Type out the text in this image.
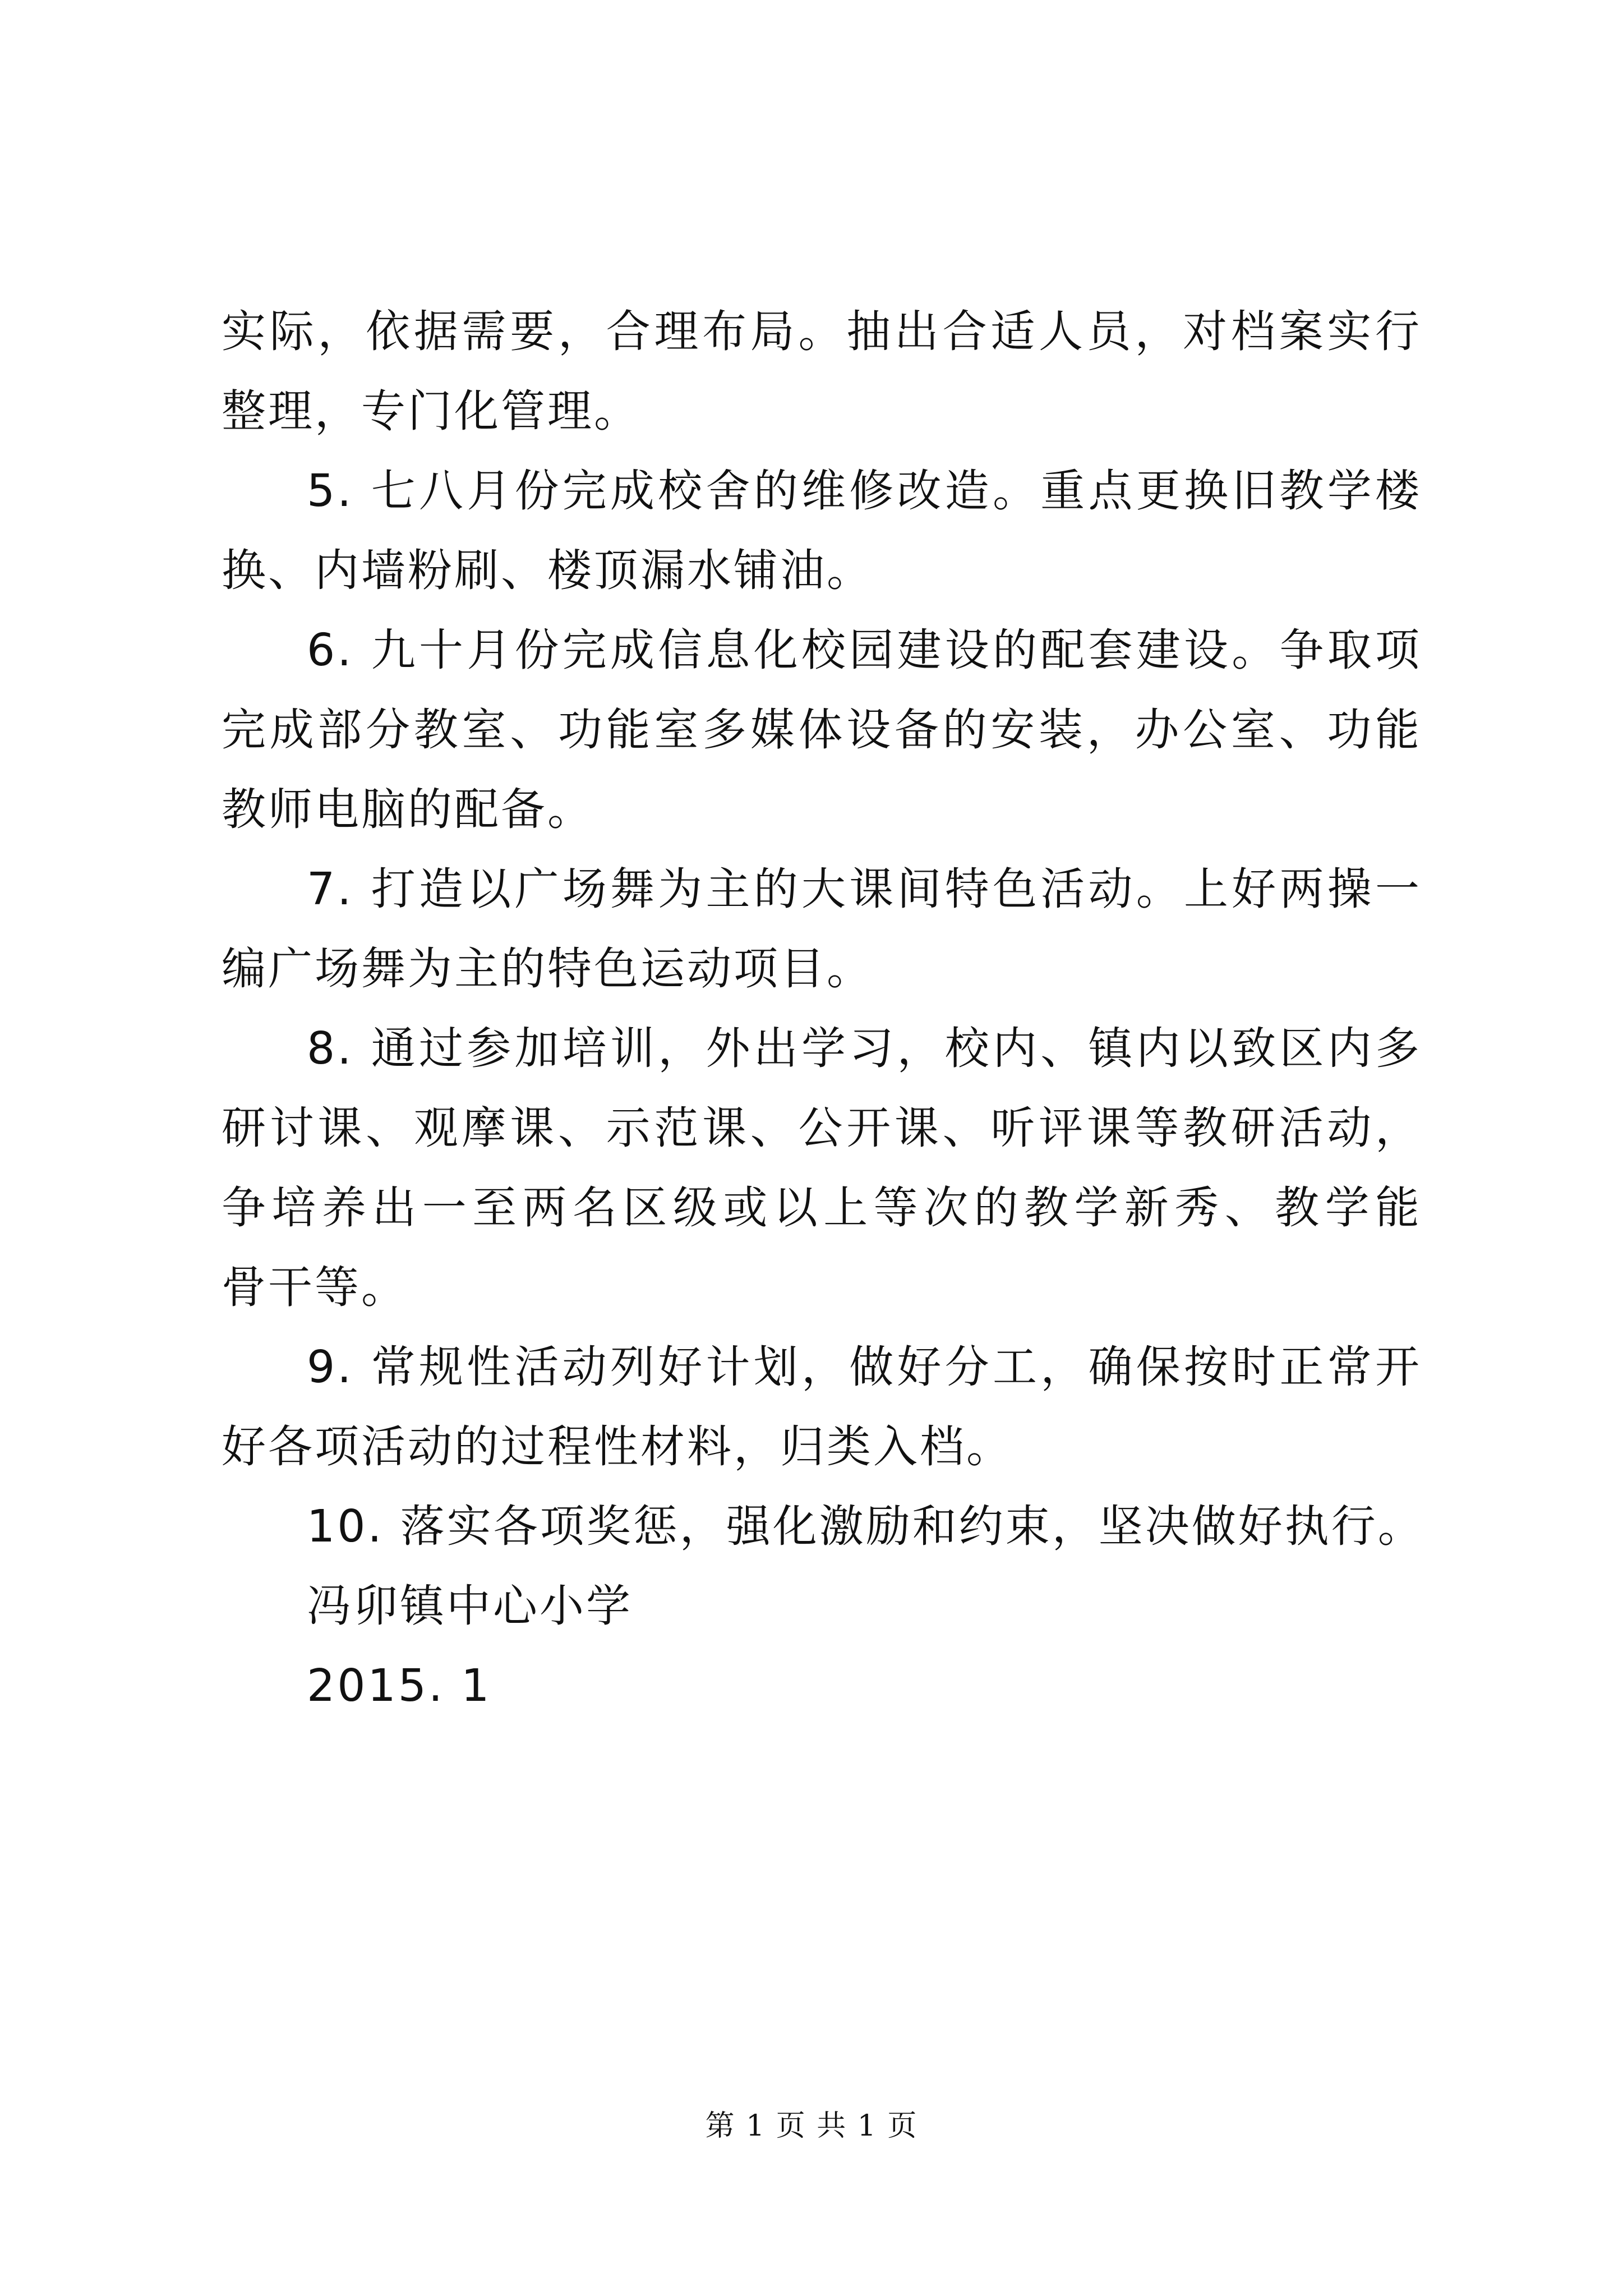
实际，依据需要，合理布局。抽出合适人员，对档案实行
整理，专门化管理。
5. 七八月份完成校舍的维修改造。重点更换旧教学楼
换、内墙粉刷、楼顶漏水铺油。
6. 九十月份完成信息化校园建设的配套建设。争取项
完成部分教室、功能室多媒体设备的安装，办公室、功能
教师电脑的配备。
7. 打造以广场舞为主的大课间特色活动。上好两操一
编广场舞为主的特色运动项目。
8. 通过参加培训，外出学习，校内、镇内以致区内多
研讨课、观摩课、示范课、公开课、听评课等教研活动，
争培养出一至两名区级或以上等次的教学新秀、教学能
骨干等。
9. 常规性活动列好计划，做好分工，确保按时正常开
好各项活动的过程性材料，归类入档。
10. 落实各项奖惩，强化激励和约束，坚决做好执行。
冯卯镇中心小学
2015. 1
第 1 页 共 1 页
